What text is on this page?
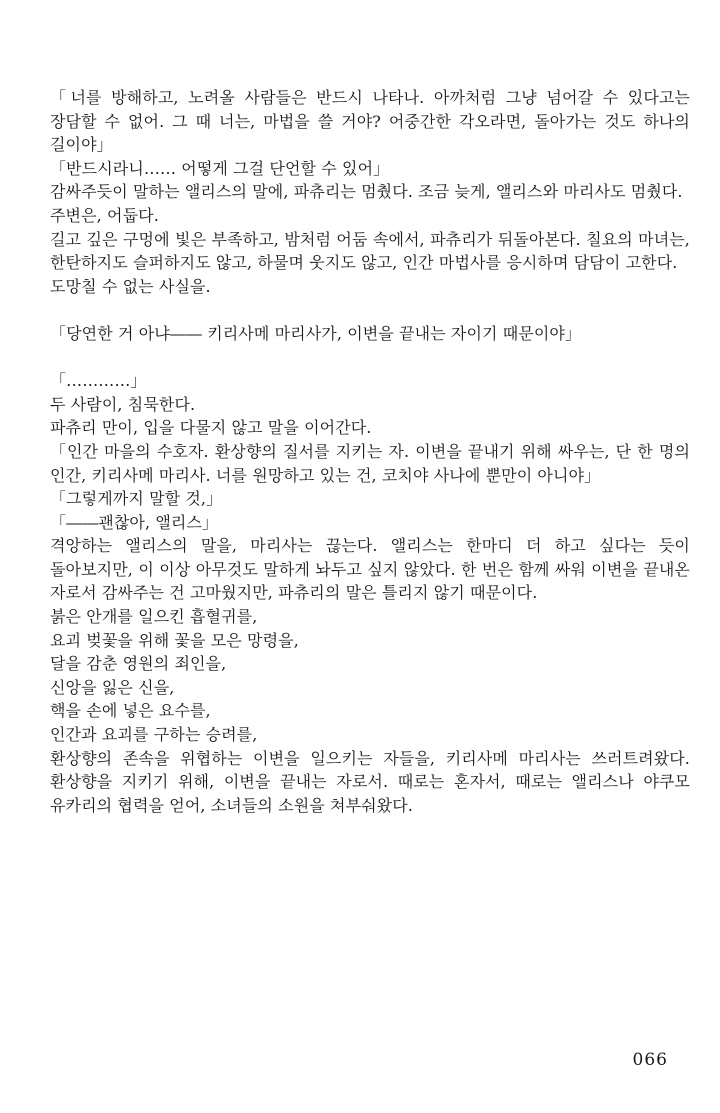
「너를 방해하고, 노려올 사람들은 반드시 나타나. 아까처럼 그냥 넘어갈 수 있다고는 장담할 수 없어. 그 때 너는, 마법을 쓸 거야? 어중간한 각오라면, 돌아가는 것도 하나의 길이야」

「반드시라니…… 어떻게 그걸 단언할 수 있어」

감싸주듯이 말하는 앨리스의 말에, 파츄리는 멈췄다. 조금 늦게, 앨리스와 마리사도 멈췄다.

주변은, 어둡다.

길고 깊은 구멍에 빛은 부족하고, 밤처럼 어둠 속에서, 파츄리가 뒤돌아본다. 칠요의 마녀는, 한탄하지도 슬퍼하지도 않고, 하물며 웃지도 않고, 인간 마법사를 응시하며 담담이 고한다.

도망칠 수 없는 사실을.

「당연한 거 아냐―― 키리사메 마리사가, 이변을 끝내는 자이기 때문이야」

「…………」

두 사람이, 침묵한다.

파츄리 만이, 입을 다물지 않고 말을 이어간다.

「인간 마을의 수호자. 환상향의 질서를 지키는 자. 이변을 끝내기 위해 싸우는, 단 한 명의 인간, 키리사메 마리사. 너를 원망하고 있는 건, 코치야 사나에 뿐만이 아니야」

「그렇게까지 말할 것,」

「――괜찮아, 앨리스」

격앙하는 앨리스의 말을, 마리사는 끊는다. 앨리스는 한마디 더 하고 싶다는 듯이 돌아보지만, 이 이상 아무것도 말하게 놔두고 싶지 않았다. 한 번은 함께 싸워 이변을 끝내온 자로서 감싸주는 건 고마웠지만, 파츄리의 말은 틀리지 않기 때문이다.

붉은 안개를 일으킨 흡혈귀를,

요괴 벚꽃을 위해 꽃을 모은 망령을,

달을 감춘 영원의 죄인을,

신앙을 잃은 신을,

핵을 손에 넣은 요수를,

인간과 요괴를 구하는 승려를,

환상향의 존속을 위협하는 이변을 일으키는 자들을, 키리사메 마리사는 쓰러트려왔다. 환상향을 지키기 위해, 이변을 끝내는 자로서. 때로는 혼자서, 때로는 앨리스나 야쿠모 유카리의 협력을 얻어, 소녀들의 소원을 쳐부숴왔다.

066
